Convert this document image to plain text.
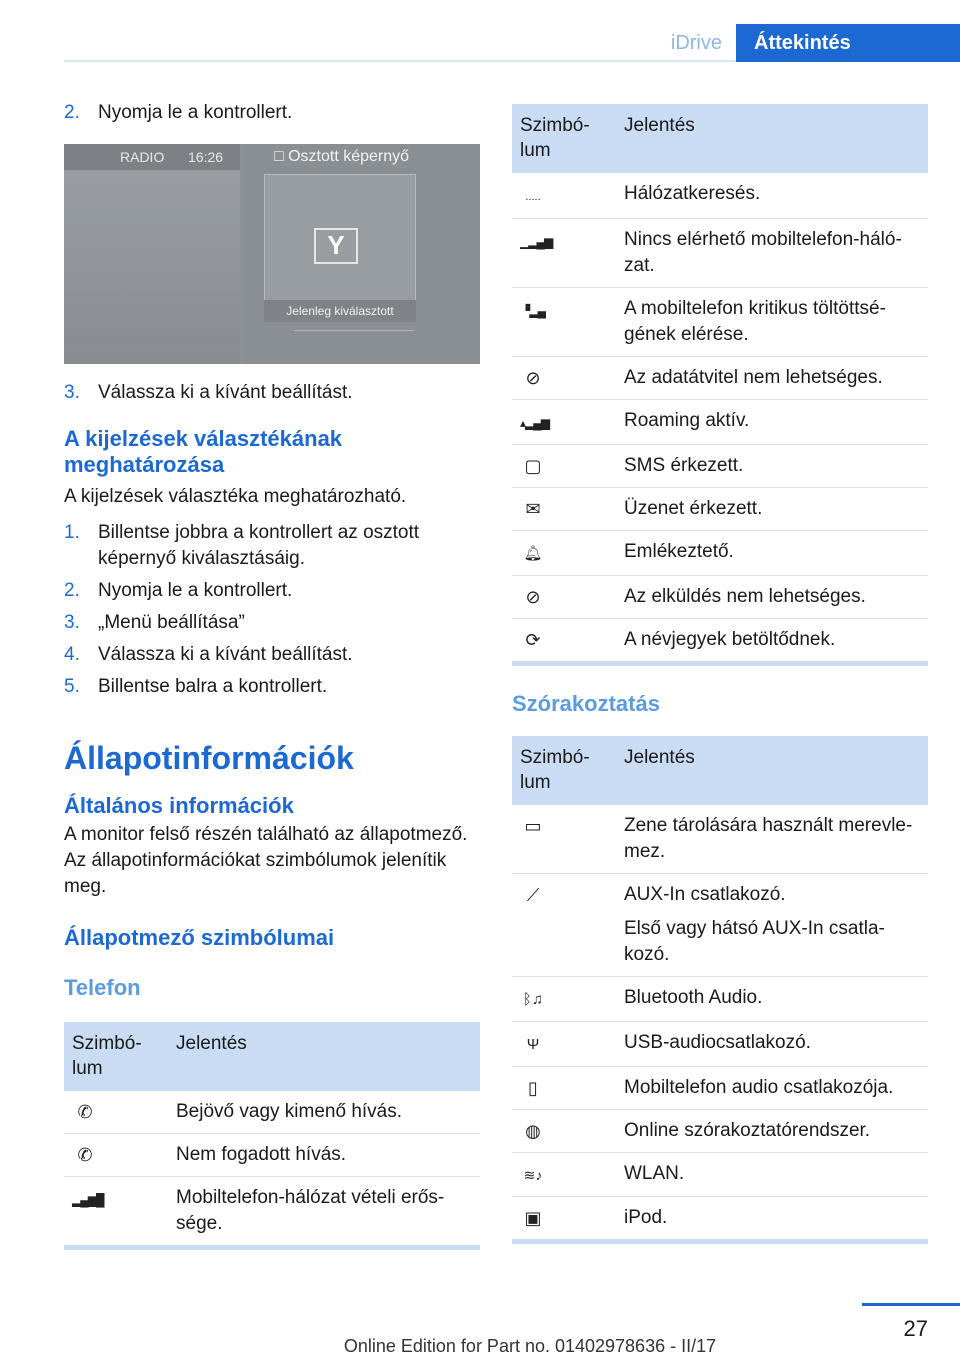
iDrive	Áttekintés
2. Nyomja le a kontrollert.
RADIO 16:26	□ Osztott képernyő
Y
Jelenleg kiválasztott
3. Válassza ki a kívánt beállítást.
A kijelzések választékának meghatározása

A kijelzések választéka meghatározható.

1. Billentse jobbra a kontrollert az osztott képernyő kiválasztásáig.
2. Nyomja le a kontrollert.
3. „Menü beállítása”
4. Válassza ki a kívánt beállítást.
5. Billentse balra a kontrollert.
Állapotinformációk
Általános információk

A monitor felső részén található az állapotmező. Az állapotinformációkat szimbólumok jelenítik meg.

Állapotmező szimbólumai
Telefon
Szimbólum	Jelentés
✆	Bejövő vagy kimenő hívás.
✆	Nem fogadott hívás.
▂▄▆█	Mobiltelefon-hálózat vételi erőssége.
Szimbólum	Jelentés
.....	Hálózatkeresés.
▁▂▄▆	Nincs elérhető mobiltelefon-hálózat.
▝▂▄	A mobiltelefon kritikus töltöttségének elérése.
⊘	Az adatátvitel nem lehetséges.
▴▂▄▆	Roaming aktív.
▢	SMS érkezett.
✉	Üzenet érkezett.
🔔︎	Emlékeztető.
⊘	Az elküldés nem lehetséges.
⟳	A névjegyek betöltődnek.
Szórakoztatás
Szimbólum	Jelentés
▭	Zene tárolására használt merevlemez.
⟋	AUX-In csatlakozó.
Első vagy hátsó AUX-In csatlakozó.

ᛒ♫	Bluetooth Audio.
Ψ	USB-audiocsatlakozó.
▯	Mobiltelefon audio csatlakozója.
◍	Online szórakoztatórendszer.
≋♪	WLAN.
▣	iPod.
27
Online Edition for Part no. 01402978636 - II/17
